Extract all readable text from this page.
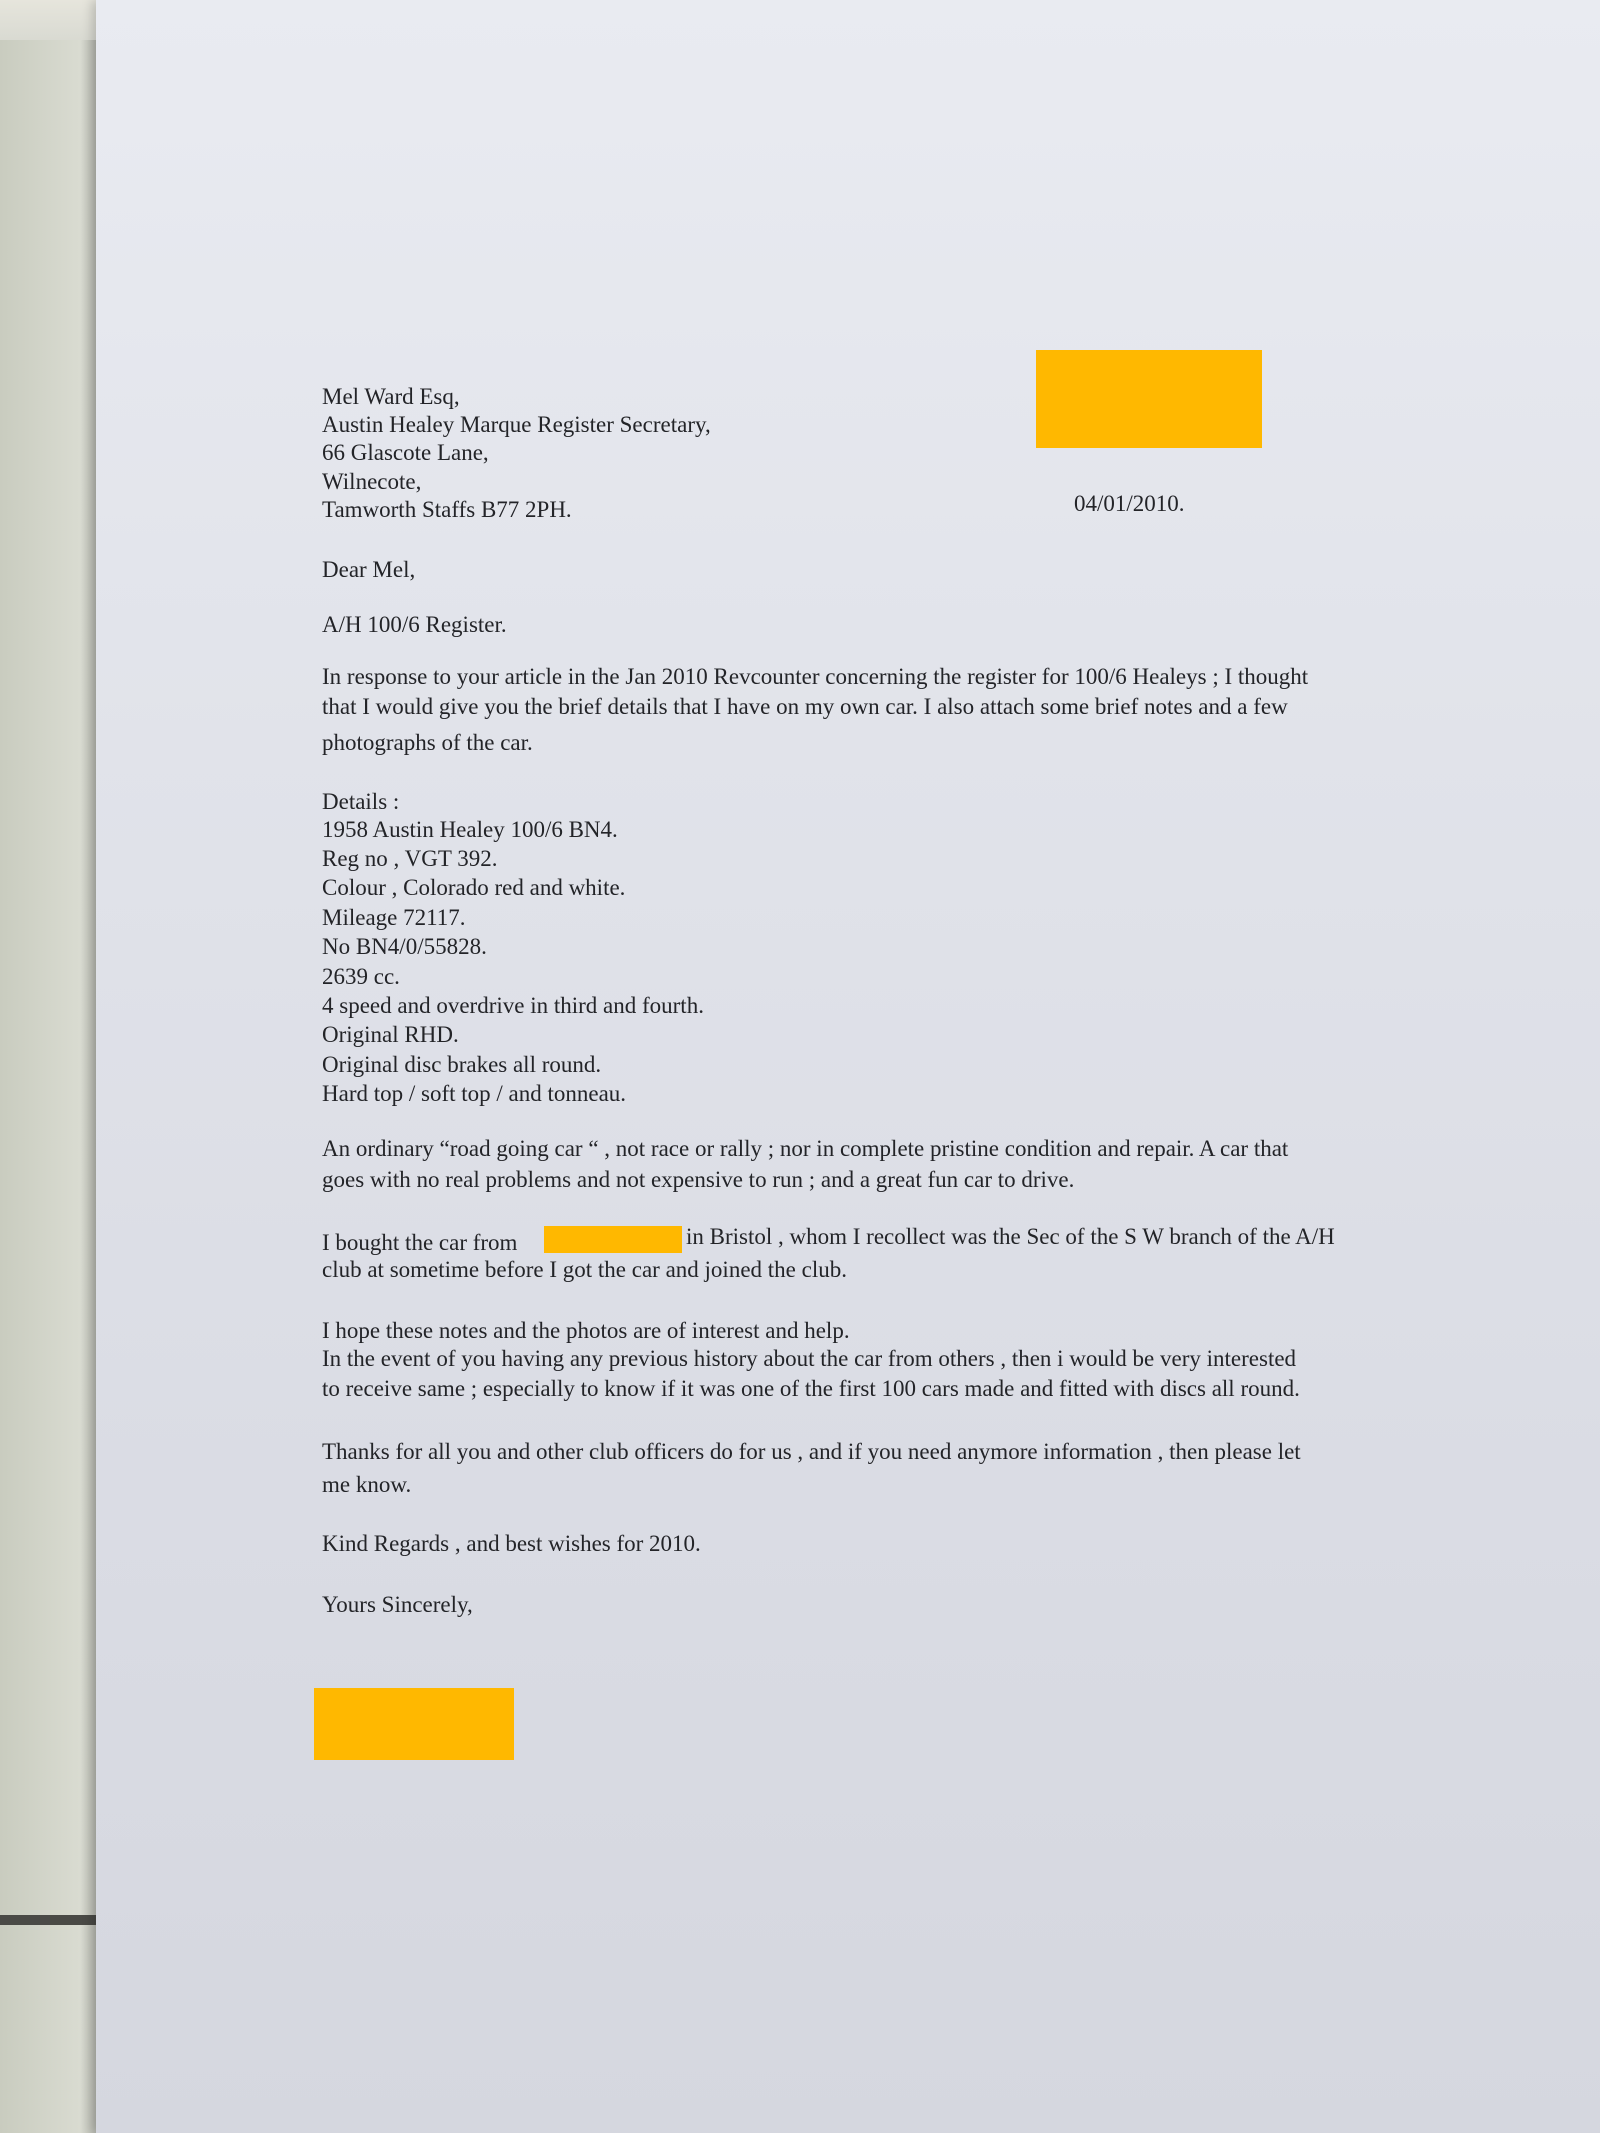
Mel Ward Esq,

Austin Healey Marque Register Secretary,

66 Glascote Lane,

Wilnecote,

Tamworth Staffs B77 2PH.	04/01/2010.

Dear Mel,

A/H 100/6 Register.

In response to your article in the Jan 2010 Revcounter concerning the register for 100/6 Healeys ; I thought

that I would give you the brief details that I have on my own car. I also attach some brief notes and a few

photographs of the car.

Details :

1958 Austin Healey 100/6 BN4.

Reg no , VGT 392.

Colour , Colorado red and white.

Mileage 72117.

No BN4/0/55828.

2639 cc.

4 speed and overdrive in third and fourth.

Original RHD.

Original disc brakes all round.

Hard top / soft top / and tonneau.

An ordinary “road going car “ , not race or rally ; nor in complete pristine condition and repair. A car that

goes with no real problems and not expensive to run ; and a great fun car to drive.

I bought the car from	in Bristol , whom I recollect was the Sec of the S W branch of the A/H

club at sometime before I got the car and joined the club.

I hope these notes and the photos are of interest and help.

In the event of you having any previous history about the car from others , then i would be very interested

to receive same ; especially to know if it was one of the first 100 cars made and fitted with discs all round.

Thanks for all you and other club officers do for us , and if you need anymore information , then please let

me know.

Kind Regards , and best wishes for 2010.

Yours Sincerely,
